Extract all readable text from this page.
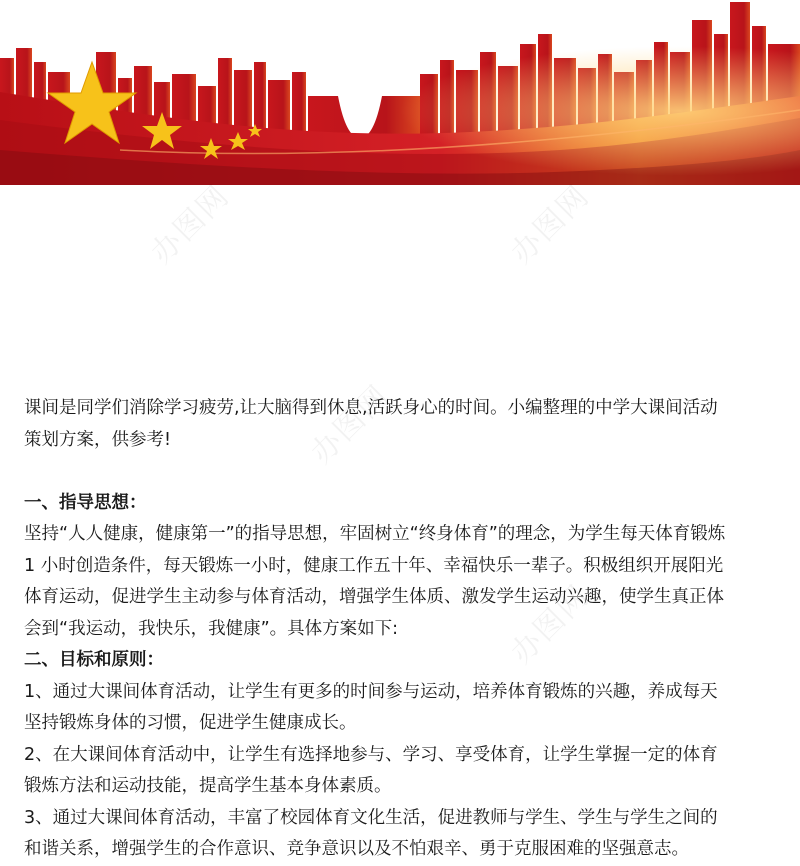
办图网	办图网
办图网
办图网

课间是同学们消除学习疲劳,让大脑得到休息,活跃身心的时间。小编整理的中学大课间活动

策划方案，供参考!

一、指导思想：

坚持“人人健康，健康第一”的指导思想，牢固树立“终身体育”的理念，为学生每天体育锻炼

1 小时创造条件，每天锻炼一小时，健康工作五十年、幸福快乐一辈子。积极组织开展阳光

体育运动，促进学生主动参与体育活动，增强学生体质、激发学生运动兴趣，使学生真正体

会到“我运动，我快乐，我健康”。具体方案如下:

二、目标和原则：

1、通过大课间体育活动，让学生有更多的时间参与运动，培养体育锻炼的兴趣，养成每天

坚持锻炼身体的习惯，促进学生健康成长。

2、在大课间体育活动中，让学生有选择地参与、学习、享受体育，让学生掌握一定的体育

锻炼方法和运动技能，提高学生基本身体素质。

3、通过大课间体育活动，丰富了校园体育文化生活，促进教师与学生、学生与学生之间的

和谐关系，增强学生的合作意识、竞争意识以及不怕艰辛、勇于克服困难的坚强意志。
